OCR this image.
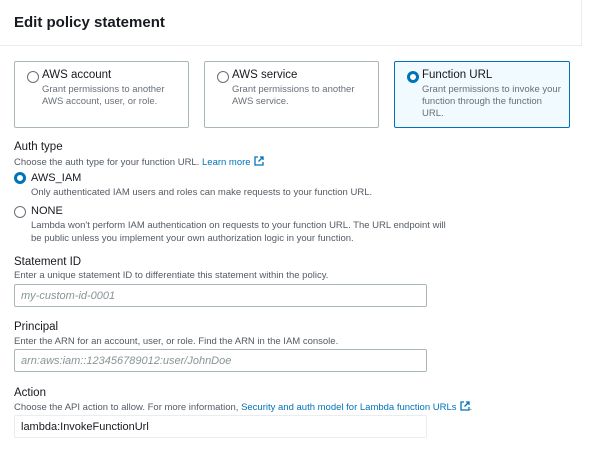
Edit policy statement
AWS account
Grant permissions to another
AWS account, user, or role.
AWS service
Grant permissions to another
AWS service.
Function URL
Grant permissions to invoke your
function through the function
URL.
Auth type
Choose the auth type for your function URL. Learn more
AWS_IAM
Only authenticated IAM users and roles can make requests to your function URL.
NONE
Lambda won't perform IAM authentication on requests to your function URL. The URL endpoint will
be public unless you implement your own authorization logic in your function.
Statement ID
Enter a unique statement ID to differentiate this statement within the policy.
my-custom-id-0001
Principal
Enter the ARN for an account, user, or role. Find the ARN in the IAM console.
arn:aws:iam::123456789012:user/JohnDoe
Action
Choose the API action to allow. For more information, Security and auth model for Lambda function URLs .
lambda:InvokeFunctionUrl
